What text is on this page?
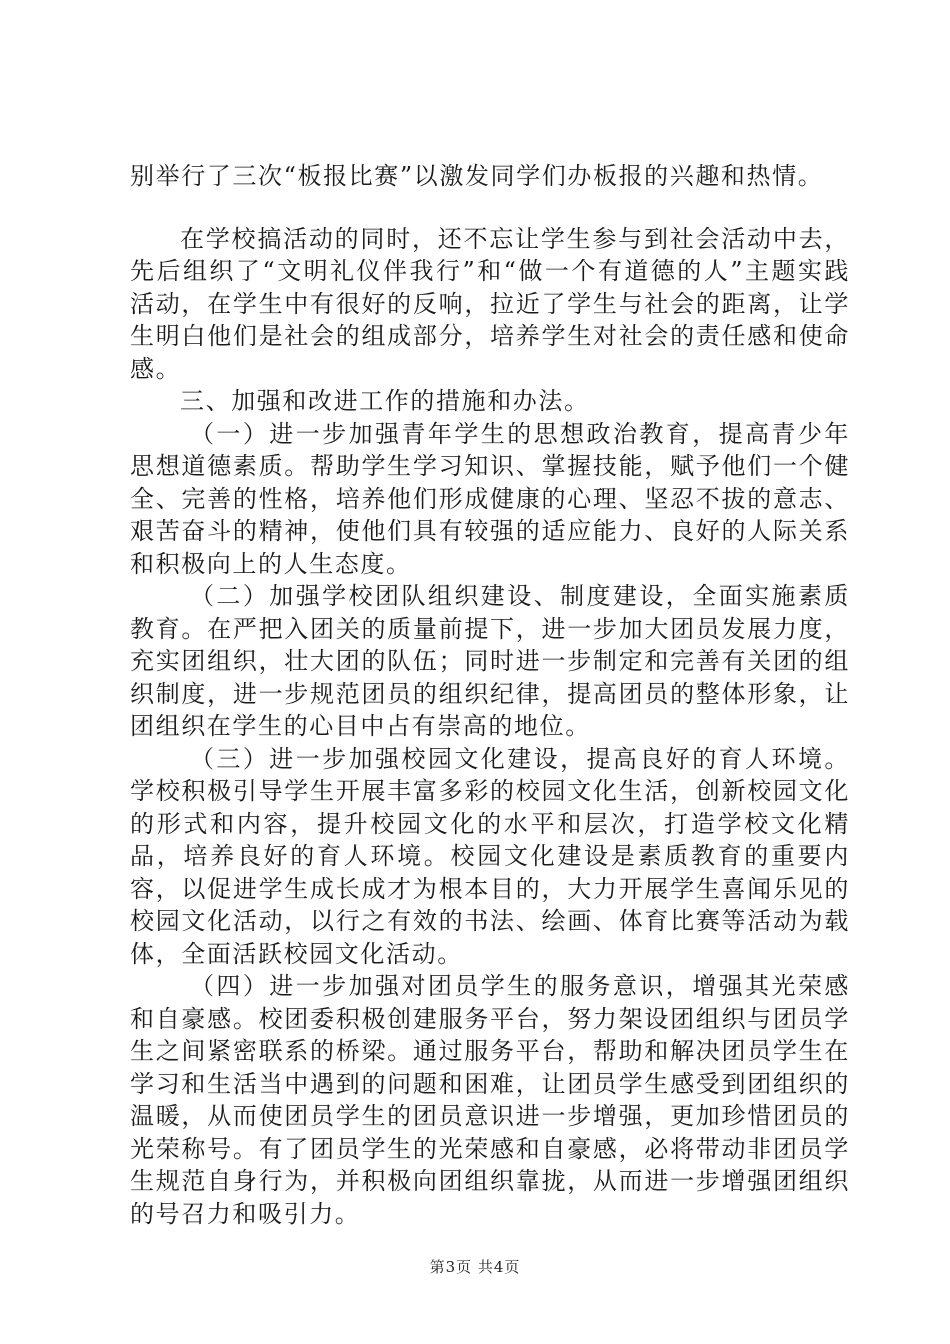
别举行了三次“板报比赛”以激发同学们办板报的兴趣和热情。

在学校搞活动的同时，还不忘让学生参与到社会活动中去，先后组织了“文明礼仪伴我行”和“做一个有道德的人”主题实践活动，在学生中有很好的反响，拉近了学生与社会的距离，让学生明白他们是社会的组成部分，培养学生对社会的责任感和使命感。

三、加强和改进工作的措施和办法。

（一）进一步加强青年学生的思想政治教育，提高青少年思想道德素质。帮助学生学习知识、掌握技能，赋予他们一个健全、完善的性格，培养他们形成健康的心理、坚忍不拔的意志、艰苦奋斗的精神，使他们具有较强的适应能力、良好的人际关系和积极向上的人生态度。

（二）加强学校团队组织建设、制度建设，全面实施素质教育。在严把入团关的质量前提下，进一步加大团员发展力度，充实团组织，壮大团的队伍；同时进一步制定和完善有关团的组织制度，进一步规范团员的组织纪律，提高团员的整体形象，让团组织在学生的心目中占有崇高的地位。

（三）进一步加强校园文化建设，提高良好的育人环境。学校积极引导学生开展丰富多彩的校园文化生活，创新校园文化的形式和内容，提升校园文化的水平和层次，打造学校文化精品，培养良好的育人环境。校园文化建设是素质教育的重要内容，以促进学生成长成才为根本目的，大力开展学生喜闻乐见的校园文化活动，以行之有效的书法、绘画、体育比赛等活动为载体，全面活跃校园文化活动。

（四）进一步加强对团员学生的服务意识，增强其光荣感和自豪感。校团委积极创建服务平台，努力架设团组织与团员学生之间紧密联系的桥梁。通过服务平台，帮助和解决团员学生在学习和生活当中遇到的问题和困难，让团员学生感受到团组织的温暖，从而使团员学生的团员意识进一步增强，更加珍惜团员的光荣称号。有了团员学生的光荣感和自豪感，必将带动非团员学生规范自身行为，并积极向团组织靠拢，从而进一步增强团组织的号召力和吸引力。

第3页 共4页
